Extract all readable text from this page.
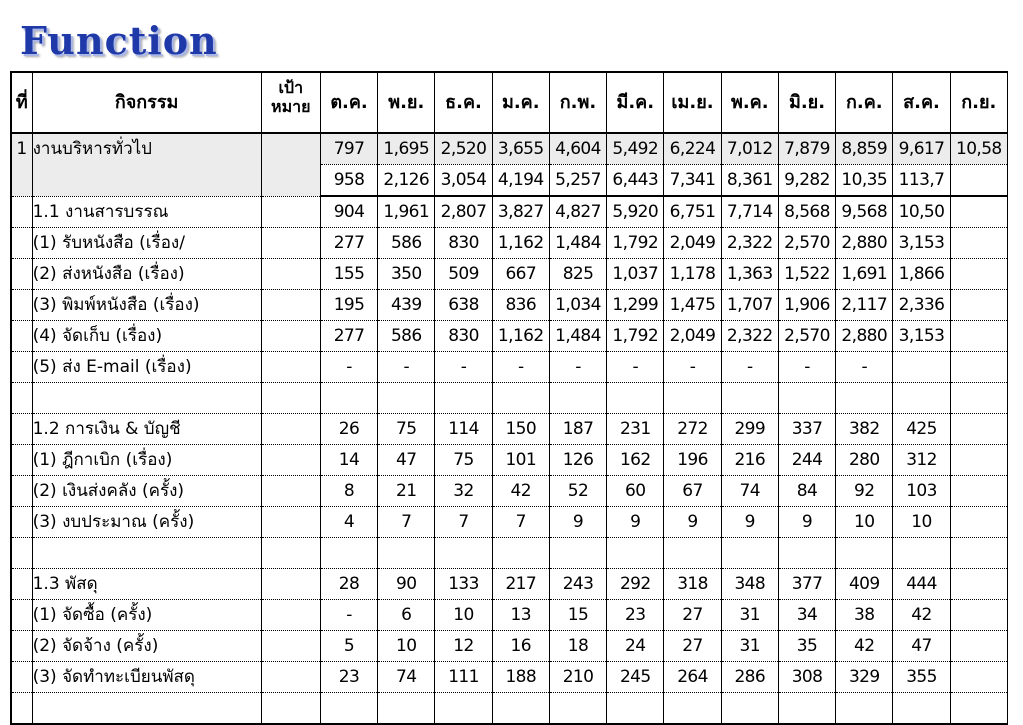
Function
ที่	กิจกรรม	เป้าหมาย	ต.ค.	พ.ย.	ธ.ค.	ม.ค.	ก.พ.	มี.ค.	เม.ย.	พ.ค.	มิ.ย.	ก.ค.	ส.ค.	ก.ย.
1	งานบริหารทั่วไป		797	1,695	2,520	3,655	4,604	5,492	6,224	7,012	7,879	8,859	9,617	10,58
			958	2,126	3,054	4,194	5,257	6,443	7,341	8,361	9,282	10,35	113,7	
	1.1 งานสารบรรณ		904	1,961	2,807	3,827	4,827	5,920	6,751	7,714	8,568	9,568	10,50	
	(1) รับหนังสือ (เรื่อง/		277	586	830	1,162	1,484	1,792	2,049	2,322	2,570	2,880	3,153	
	(2) ส่งหนังสือ (เรื่อง)		155	350	509	667	825	1,037	1,178	1,363	1,522	1,691	1,866	
	(3) พิมพ์หนังสือ (เรื่อง)		195	439	638	836	1,034	1,299	1,475	1,707	1,906	2,117	2,336	
	(4) จัดเก็บ (เรื่อง)		277	586	830	1,162	1,484	1,792	2,049	2,322	2,570	2,880	3,153	
	(5) ส่ง E-mail (เรื่อง)		-	-	-	-	-	-	-	-	-	-		

	1.2 การเงิน & บัญชี		26	75	114	150	187	231	272	299	337	382	425	
	(1) ฎีกาเบิก (เรื่อง)		14	47	75	101	126	162	196	216	244	280	312	
	(2) เงินส่งคลัง (ครั้ง)		8	21	32	42	52	60	67	74	84	92	103	
	(3) งบประมาณ (ครั้ง)		4	7	7	7	9	9	9	9	9	10	10	

	1.3 พัสดุ		28	90	133	217	243	292	318	348	377	409	444	
	(1) จัดซื้อ (ครั้ง)		-	6	10	13	15	23	27	31	34	38	42	
	(2) จัดจ้าง (ครั้ง)		5	10	12	16	18	24	27	31	35	42	47	
	(3) จัดทำทะเบียนพัสดุ		23	74	111	188	210	245	264	286	308	329	355	
